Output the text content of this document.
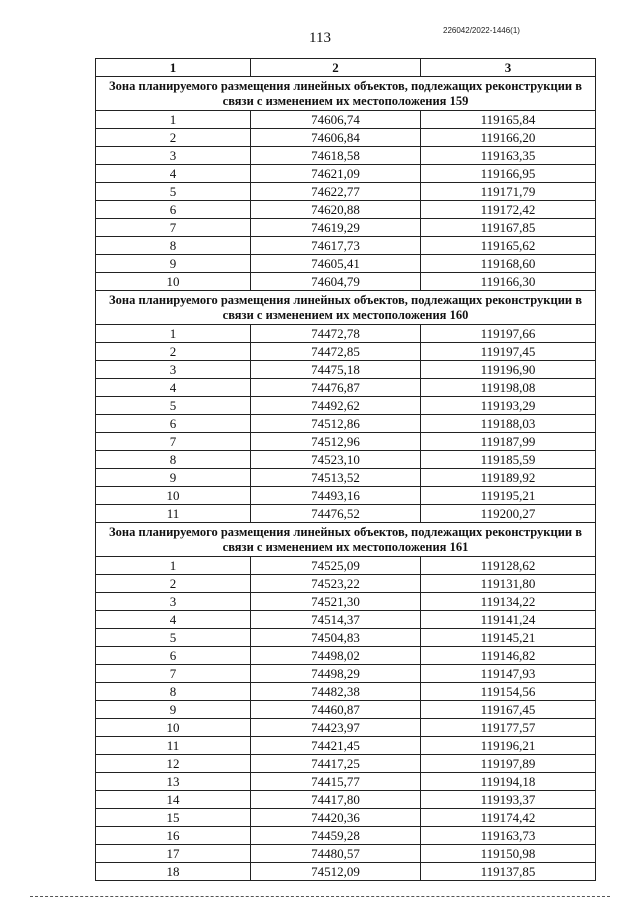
113	226042/2022-1446(1)
1	2	3
Зона планируемого размещения линейных объектов, подлежащих реконструкции в связи с изменением их местоположения 159		
1	74606,74	119165,84
2	74606,84	119166,20
3	74618,58	119163,35
4	74621,09	119166,95
5	74622,77	119171,79
6	74620,88	119172,42
7	74619,29	119167,85
8	74617,73	119165,62
9	74605,41	119168,60
10	74604,79	119166,30
Зона планируемого размещения линейных объектов, подлежащих реконструкции в связи с изменением их местоположения 160		
1	74472,78	119197,66
2	74472,85	119197,45
3	74475,18	119196,90
4	74476,87	119198,08
5	74492,62	119193,29
6	74512,86	119188,03
7	74512,96	119187,99
8	74523,10	119185,59
9	74513,52	119189,92
10	74493,16	119195,21
11	74476,52	119200,27
Зона планируемого размещения линейных объектов, подлежащих реконструкции в связи с изменением их местоположения 161		
1	74525,09	119128,62
2	74523,22	119131,80
3	74521,30	119134,22
4	74514,37	119141,24
5	74504,83	119145,21
6	74498,02	119146,82
7	74498,29	119147,93
8	74482,38	119154,56
9	74460,87	119167,45
10	74423,97	119177,57
11	74421,45	119196,21
12	74417,25	119197,89
13	74415,77	119194,18
14	74417,80	119193,37
15	74420,36	119174,42
16	74459,28	119163,73
17	74480,57	119150,98
18	74512,09	119137,85
